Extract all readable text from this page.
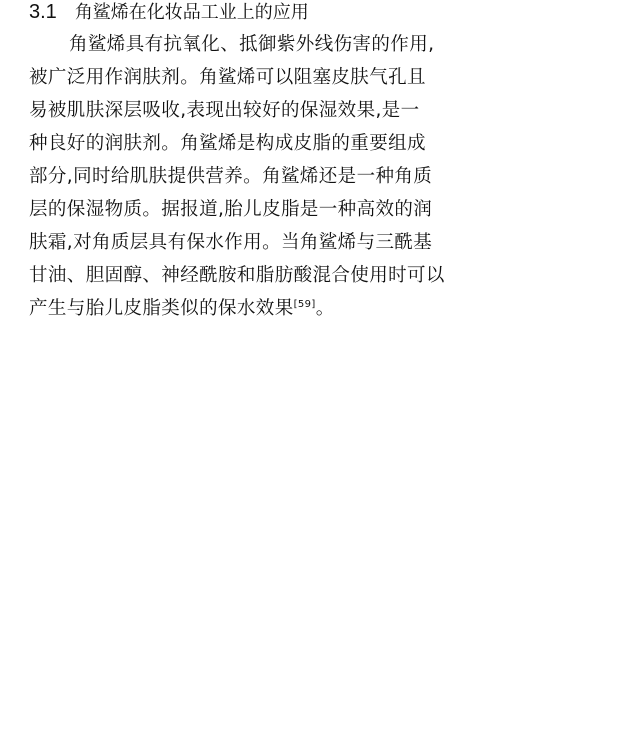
3.1 角鲨烯在化妆品工业上的应用
角鲨烯具有抗氧化、抵御紫外线伤害的作用,
被广泛用作润肤剂。角鲨烯可以阻塞皮肤气孔且
易被肌肤深层吸收,表现出较好的保湿效果,是一
种良好的润肤剂。角鲨烯是构成皮脂的重要组成
部分,同时给肌肤提供营养。角鲨烯还是一种角质
层的保湿物质。据报道,胎儿皮脂是一种高效的润
肤霜,对角质层具有保水作用。当角鲨烯与三酰基
甘油、胆固醇、神经酰胺和脂肪酸混合使用时可以
产生与胎儿皮脂类似的保水效果[59]。
